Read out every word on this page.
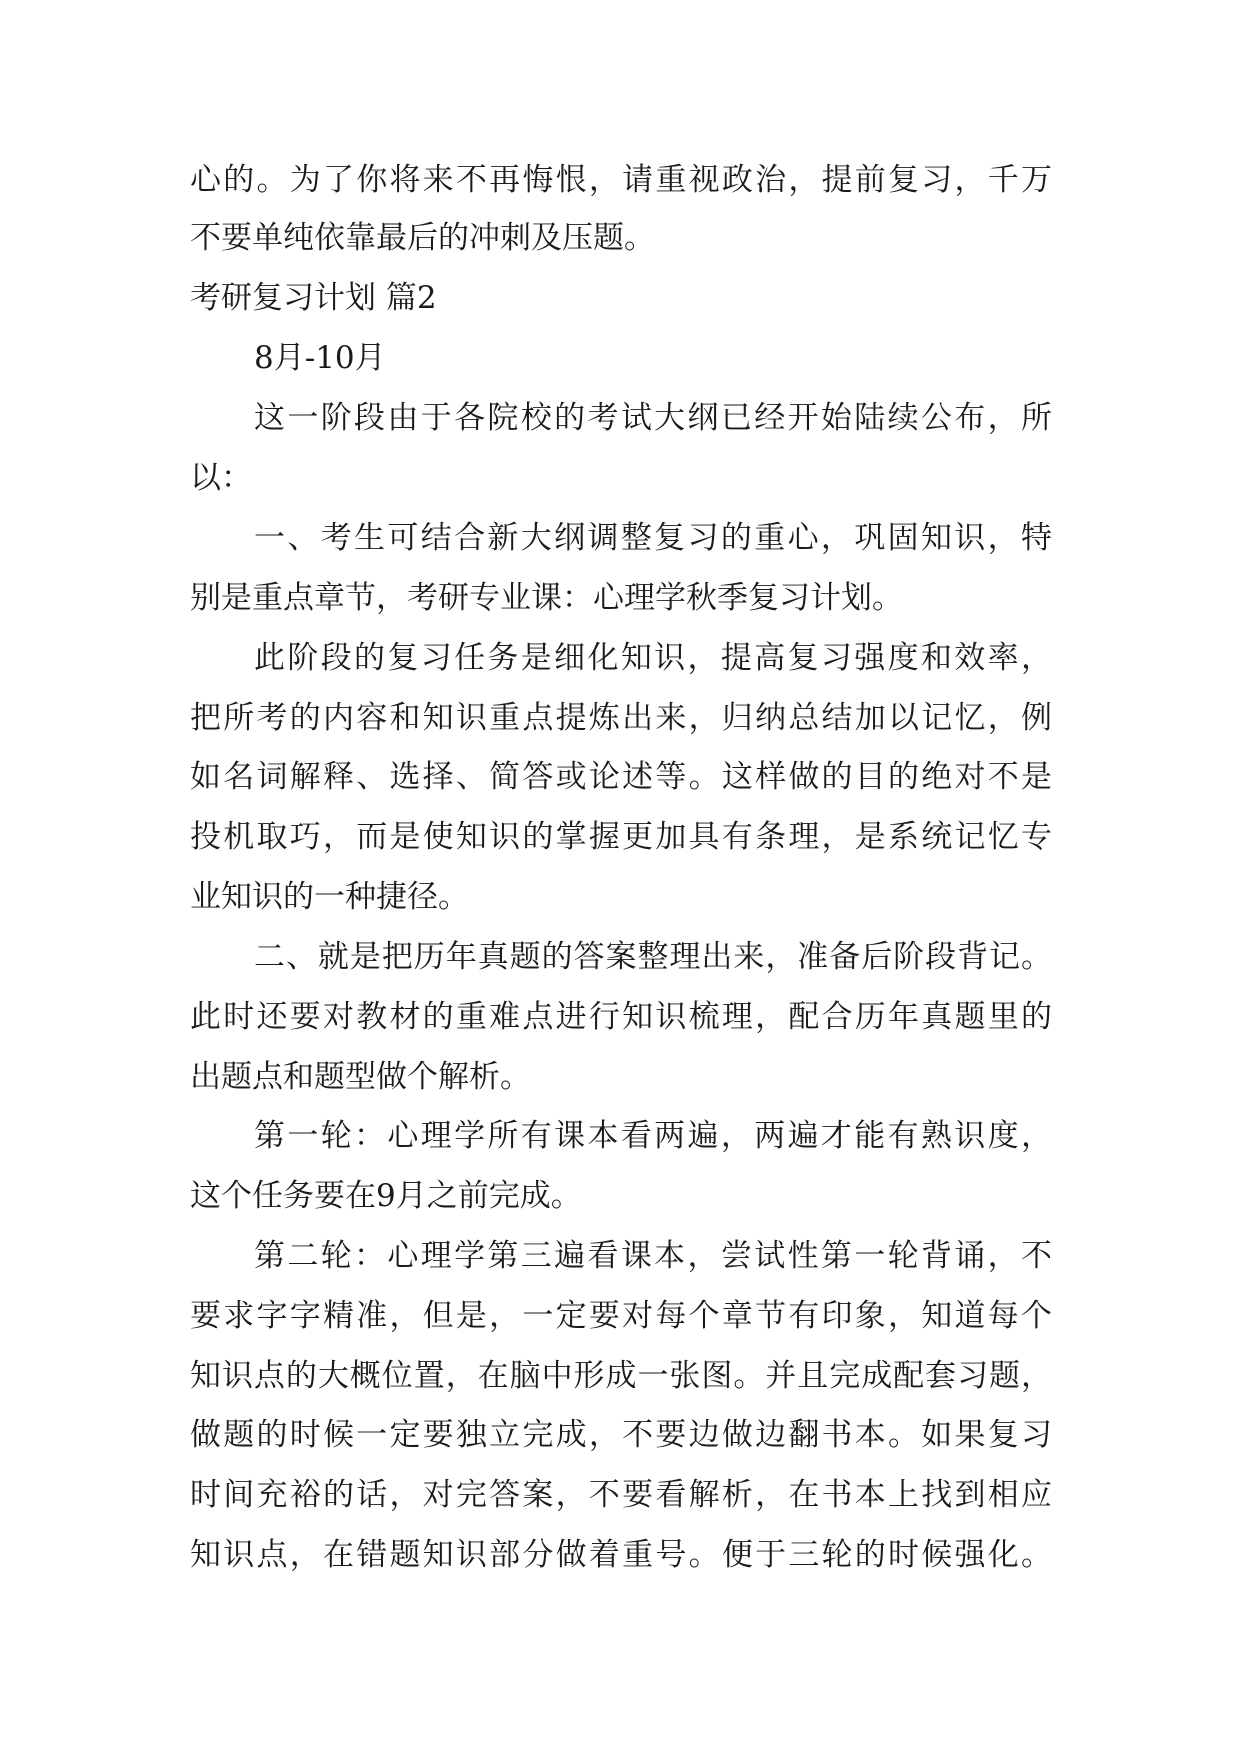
心的。为了你将来不再悔恨，请重视政治，提前复习，千万
不要单纯依靠最后的冲刺及压题。
考研复习计划 篇2
8月-10月
这一阶段由于各院校的考试大纲已经开始陆续公布，所
以：
一、考生可结合新大纲调整复习的重心，巩固知识，特
别是重点章节，考研专业课：心理学秋季复习计划。
此阶段的复习任务是细化知识，提高复习强度和效率，
把所考的内容和知识重点提炼出来，归纳总结加以记忆，例
如名词解释、选择、简答或论述等。这样做的目的绝对不是
投机取巧，而是使知识的掌握更加具有条理，是系统记忆专
业知识的一种捷径。
二、就是把历年真题的答案整理出来，准备后阶段背记。
此时还要对教材的重难点进行知识梳理，配合历年真题里的
出题点和题型做个解析。
第一轮：心理学所有课本看两遍，两遍才能有熟识度，
这个任务要在9月之前完成。
第二轮：心理学第三遍看课本，尝试性第一轮背诵，不
要求字字精准，但是，一定要对每个章节有印象，知道每个
知识点的大概位置，在脑中形成一张图。并且完成配套习题，
做题的时候一定要独立完成，不要边做边翻书本。如果复习
时间充裕的话，对完答案，不要看解析，在书本上找到相应
知识点，在错题知识部分做着重号。便于三轮的时候强化。
